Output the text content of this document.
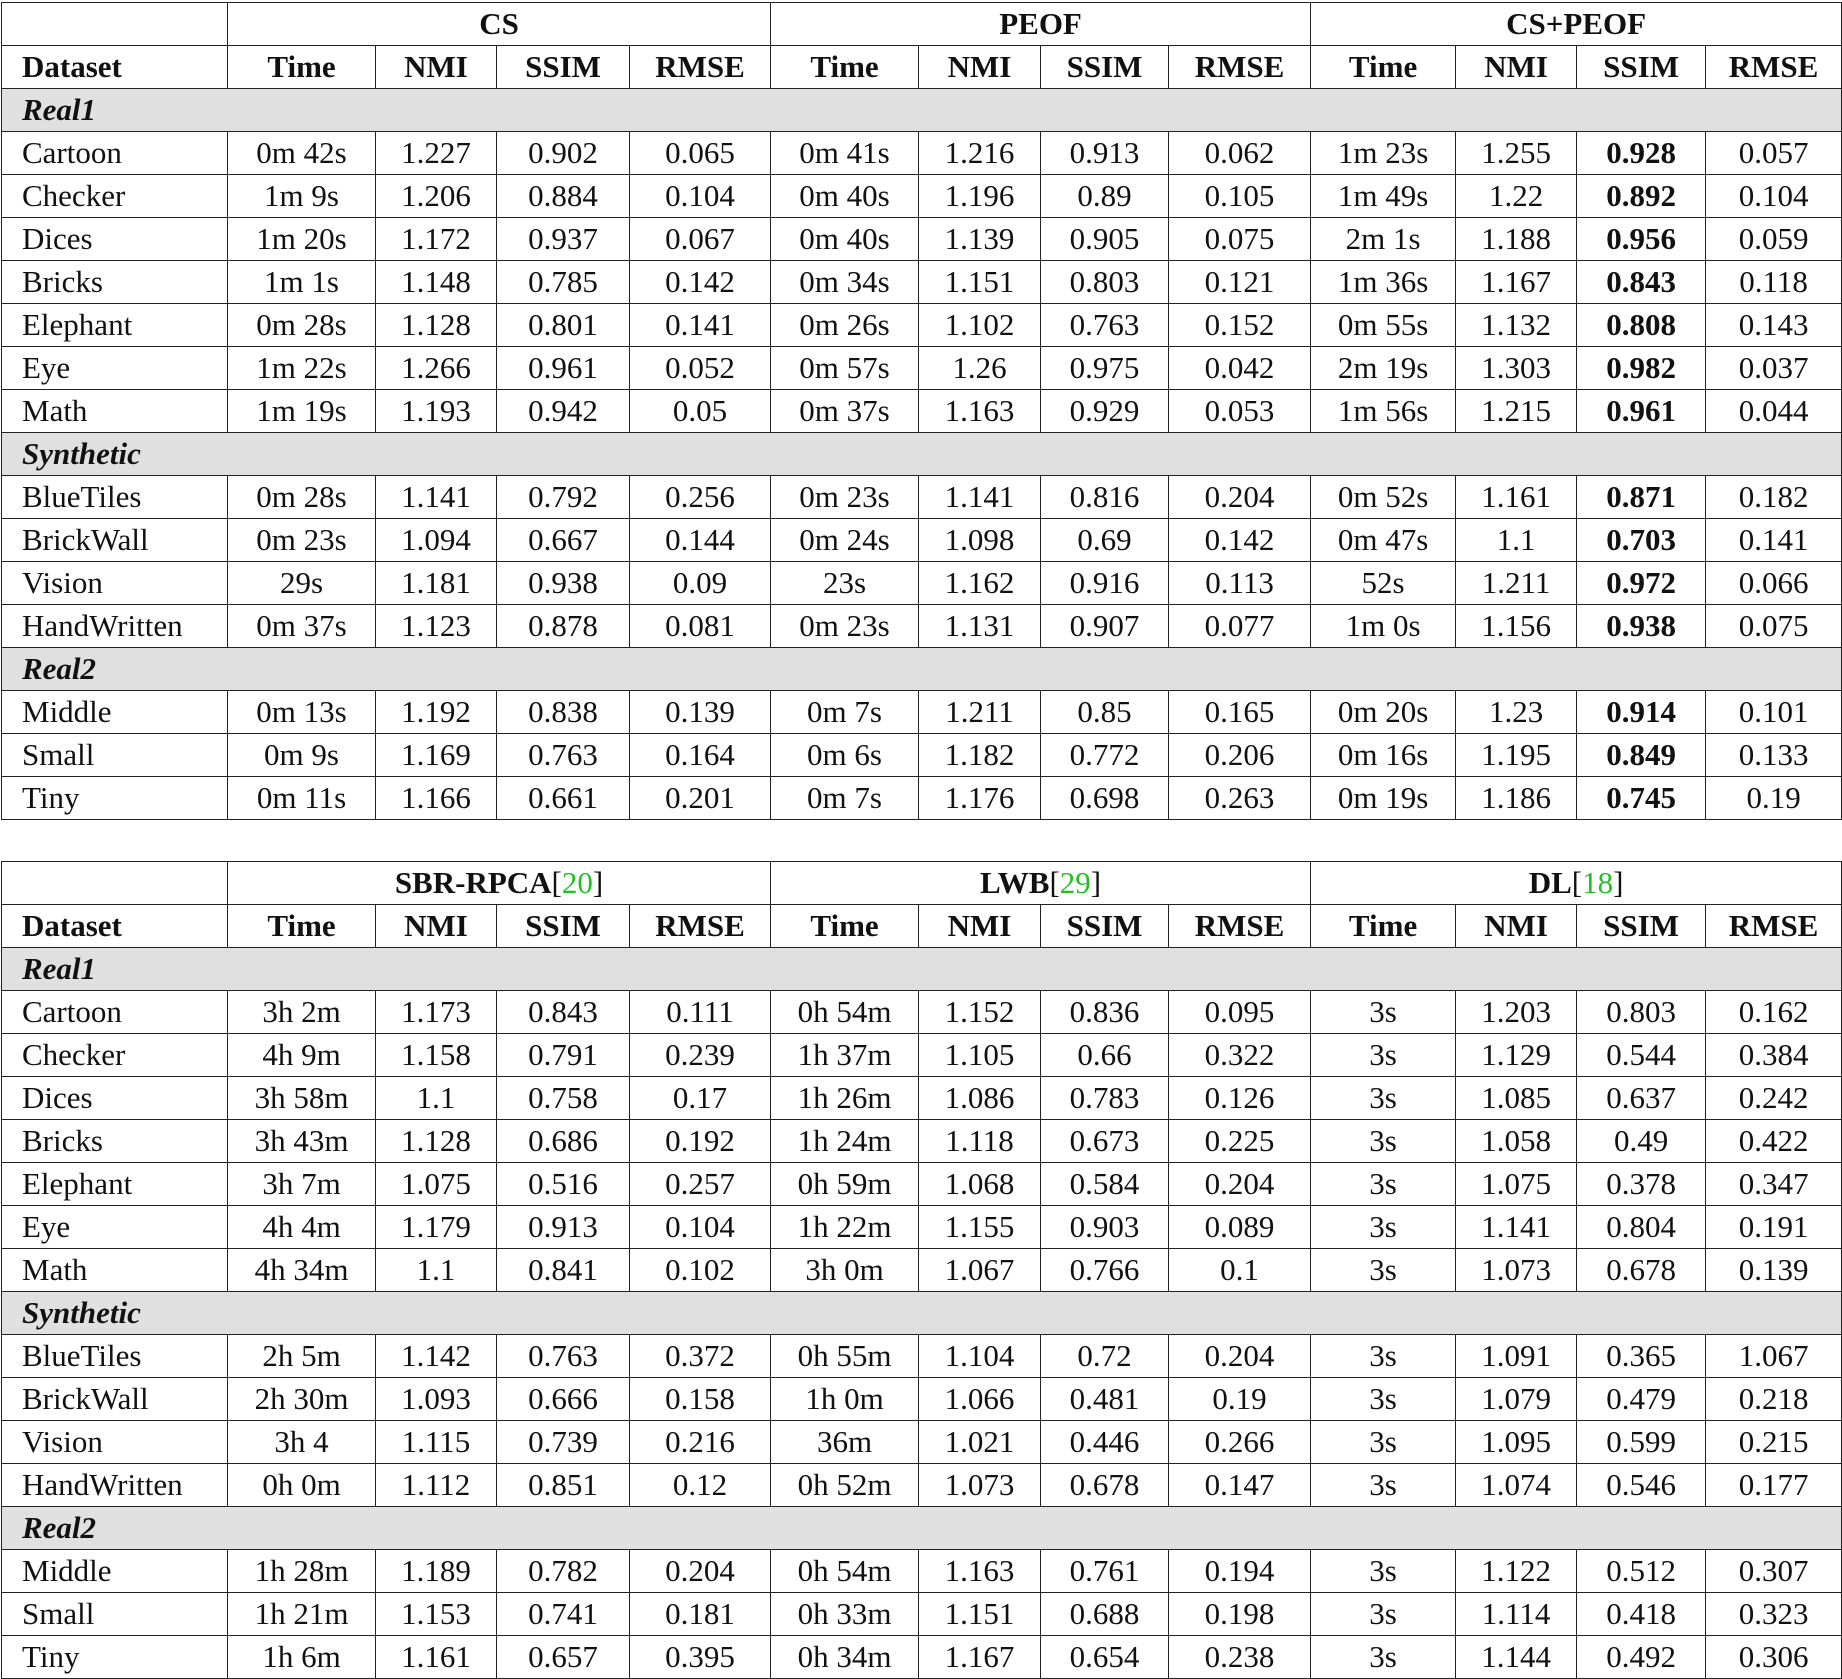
	CS				PEOF				CS+PEOF			
Dataset	Time	NMI	SSIM	RMSE	Time	NMI	SSIM	RMSE	Time	NMI	SSIM	RMSE
Real1												
Cartoon	0m 42s	1.227	0.902	0.065	0m 41s	1.216	0.913	0.062	1m 23s	1.255	0.928	0.057
Checker	1m 9s	1.206	0.884	0.104	0m 40s	1.196	0.89	0.105	1m 49s	1.22	0.892	0.104
Dices	1m 20s	1.172	0.937	0.067	0m 40s	1.139	0.905	0.075	2m 1s	1.188	0.956	0.059
Bricks	1m 1s	1.148	0.785	0.142	0m 34s	1.151	0.803	0.121	1m 36s	1.167	0.843	0.118
Elephant	0m 28s	1.128	0.801	0.141	0m 26s	1.102	0.763	0.152	0m 55s	1.132	0.808	0.143
Eye	1m 22s	1.266	0.961	0.052	0m 57s	1.26	0.975	0.042	2m 19s	1.303	0.982	0.037
Math	1m 19s	1.193	0.942	0.05	0m 37s	1.163	0.929	0.053	1m 56s	1.215	0.961	0.044
Synthetic												
BlueTiles	0m 28s	1.141	0.792	0.256	0m 23s	1.141	0.816	0.204	0m 52s	1.161	0.871	0.182
BrickWall	0m 23s	1.094	0.667	0.144	0m 24s	1.098	0.69	0.142	0m 47s	1.1	0.703	0.141
Vision	29s	1.181	0.938	0.09	23s	1.162	0.916	0.113	52s	1.211	0.972	0.066
HandWritten	0m 37s	1.123	0.878	0.081	0m 23s	1.131	0.907	0.077	1m 0s	1.156	0.938	0.075
Real2												
Middle	0m 13s	1.192	0.838	0.139	0m 7s	1.211	0.85	0.165	0m 20s	1.23	0.914	0.101
Small	0m 9s	1.169	0.763	0.164	0m 6s	1.182	0.772	0.206	0m 16s	1.195	0.849	0.133
Tiny	0m 11s	1.166	0.661	0.201	0m 7s	1.176	0.698	0.263	0m 19s	1.186	0.745	0.19
	SBR-RPCA[20]				LWB[29]				DL[18]			
Dataset	Time	NMI	SSIM	RMSE	Time	NMI	SSIM	RMSE	Time	NMI	SSIM	RMSE
Real1												
Cartoon	3h 2m	1.173	0.843	0.111	0h 54m	1.152	0.836	0.095	3s	1.203	0.803	0.162
Checker	4h 9m	1.158	0.791	0.239	1h 37m	1.105	0.66	0.322	3s	1.129	0.544	0.384
Dices	3h 58m	1.1	0.758	0.17	1h 26m	1.086	0.783	0.126	3s	1.085	0.637	0.242
Bricks	3h 43m	1.128	0.686	0.192	1h 24m	1.118	0.673	0.225	3s	1.058	0.49	0.422
Elephant	3h 7m	1.075	0.516	0.257	0h 59m	1.068	0.584	0.204	3s	1.075	0.378	0.347
Eye	4h 4m	1.179	0.913	0.104	1h 22m	1.155	0.903	0.089	3s	1.141	0.804	0.191
Math	4h 34m	1.1	0.841	0.102	3h 0m	1.067	0.766	0.1	3s	1.073	0.678	0.139
Synthetic												
BlueTiles	2h 5m	1.142	0.763	0.372	0h 55m	1.104	0.72	0.204	3s	1.091	0.365	1.067
BrickWall	2h 30m	1.093	0.666	0.158	1h 0m	1.066	0.481	0.19	3s	1.079	0.479	0.218
Vision	3h 4	1.115	0.739	0.216	36m	1.021	0.446	0.266	3s	1.095	0.599	0.215
HandWritten	0h 0m	1.112	0.851	0.12	0h 52m	1.073	0.678	0.147	3s	1.074	0.546	0.177
Real2												
Middle	1h 28m	1.189	0.782	0.204	0h 54m	1.163	0.761	0.194	3s	1.122	0.512	0.307
Small	1h 21m	1.153	0.741	0.181	0h 33m	1.151	0.688	0.198	3s	1.114	0.418	0.323
Tiny	1h 6m	1.161	0.657	0.395	0h 34m	1.167	0.654	0.238	3s	1.144	0.492	0.306
